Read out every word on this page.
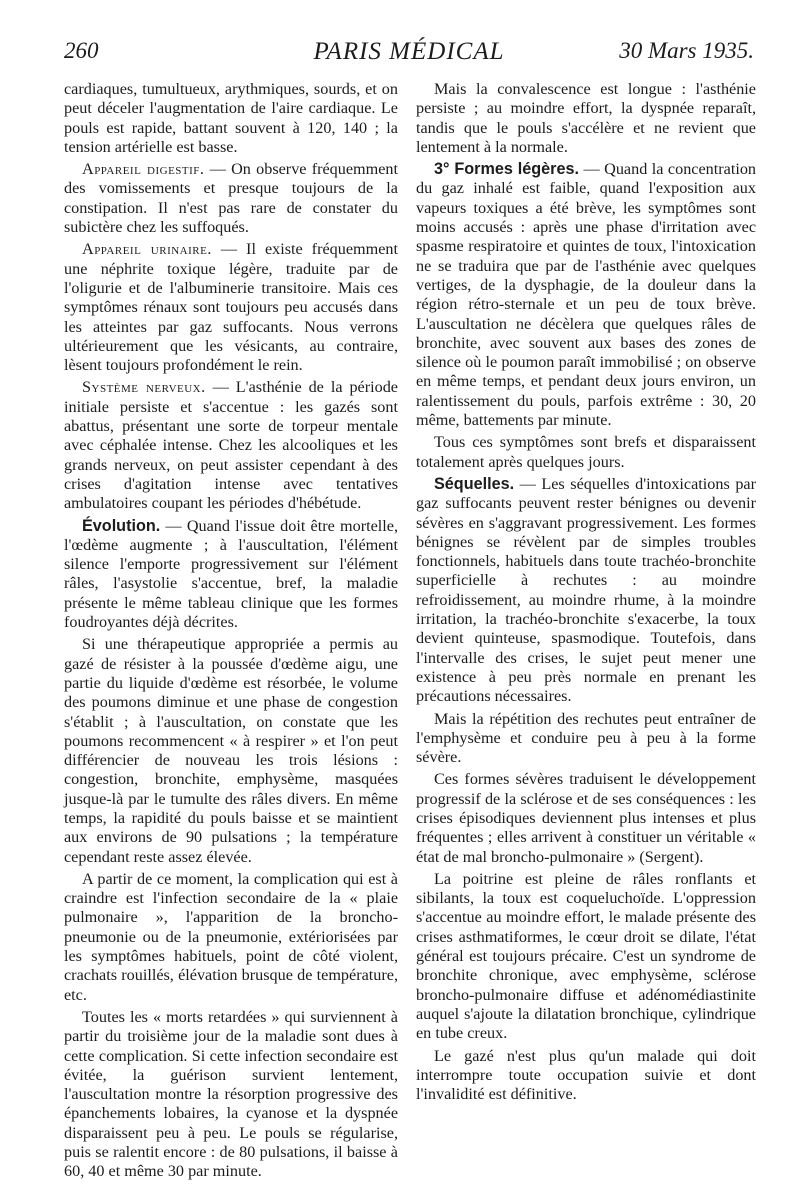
260	PARIS MÉDICAL	30 Mars 1935.

cardiaques, tumultueux, arythmiques, sourds, et on peut déceler l'augmentation de l'aire cardiaque. Le pouls est rapide, battant souvent à 120, 140 ; la tension artérielle est basse.

Appareil digestif. — On observe fréquemment des vomissements et presque toujours de la constipation. Il n'est pas rare de constater du subictère chez les suffoqués.

Appareil urinaire. — Il existe fréquemment une néphrite toxique légère, traduite par de l'oligurie et de l'albuminerie transitoire. Mais ces symptômes rénaux sont toujours peu accusés dans les atteintes par gaz suffocants. Nous verrons ultérieurement que les vésicants, au contraire, lèsent toujours profondément le rein.

Système nerveux. — L'asthénie de la période initiale persiste et s'accentue : les gazés sont abattus, présentant une sorte de torpeur mentale avec céphalée intense. Chez les alcooliques et les grands nerveux, on peut assister cependant à des crises d'agitation intense avec tentatives ambulatoires coupant les périodes d'hébétude.

Évolution. — Quand l'issue doit être mortelle, l'œdème augmente ; à l'auscultation, l'élément silence l'emporte progressivement sur l'élément râles, l'asystolie s'accentue, bref, la maladie présente le même tableau clinique que les formes foudroyantes déjà décrites.

Si une thérapeutique appropriée a permis au gazé de résister à la poussée d'œdème aigu, une partie du liquide d'œdème est résorbée, le volume des poumons diminue et une phase de congestion s'établit ; à l'auscultation, on constate que les poumons recommencent « à respirer » et l'on peut différencier de nouveau les trois lésions : congestion, bronchite, emphysème, masquées jusque-là par le tumulte des râles divers. En même temps, la rapidité du pouls baisse et se maintient aux environs de 90 pulsations ; la température cependant reste assez élevée.

A partir de ce moment, la complication qui est à craindre est l'infection secondaire de la « plaie pulmonaire », l'apparition de la broncho-pneumonie ou de la pneumonie, extériorisées par les symptômes habituels, point de côté violent, crachats rouillés, élévation brusque de température, etc.

Toutes les « morts retardées » qui surviennent à partir du troisième jour de la maladie sont dues à cette complication. Si cette infection secondaire est évitée, la guérison survient lentement, l'auscultation montre la résorption progressive des épanchements lobaires, la cyanose et la dyspnée disparaissent peu à peu. Le pouls se régularise, puis se ralentit encore : de 80 pulsations, il baisse à 60, 40 et même 30 par minute.

Mais la convalescence est longue : l'asthénie persiste ; au moindre effort, la dyspnée reparaît, tandis que le pouls s'accélère et ne revient que lentement à la normale.

3° Formes légères. — Quand la concentration du gaz inhalé est faible, quand l'exposition aux vapeurs toxiques a été brève, les symptômes sont moins accusés : après une phase d'irritation avec spasme respiratoire et quintes de toux, l'intoxication ne se traduira que par de l'asthénie avec quelques vertiges, de la dysphagie, de la douleur dans la région rétro-sternale et un peu de toux brève. L'auscultation ne décèlera que quelques râles de bronchite, avec souvent aux bases des zones de silence où le poumon paraît immobilisé ; on observe en même temps, et pendant deux jours environ, un ralentissement du pouls, parfois extrême : 30, 20 même, battements par minute.

Tous ces symptômes sont brefs et disparaissent totalement après quelques jours.

Séquelles. — Les séquelles d'intoxications par gaz suffocants peuvent rester bénignes ou devenir sévères en s'aggravant progressivement. Les formes bénignes se révèlent par de simples troubles fonctionnels, habituels dans toute trachéo-bronchite superficielle à rechutes : au moindre refroidissement, au moindre rhume, à la moindre irritation, la trachéo-bronchite s'exacerbe, la toux devient quinteuse, spasmodique. Toutefois, dans l'intervalle des crises, le sujet peut mener une existence à peu près normale en prenant les précautions nécessaires.

Mais la répétition des rechutes peut entraîner de l'emphysème et conduire peu à peu à la forme sévère.

Ces formes sévères traduisent le développement progressif de la sclérose et de ses conséquences : les crises épisodiques deviennent plus intenses et plus fréquentes ; elles arrivent à constituer un véritable « état de mal broncho-pulmonaire » (Sergent).

La poitrine est pleine de râles ronflants et sibilants, la toux est coqueluchoïde. L'oppression s'accentue au moindre effort, le malade présente des crises asthmatiformes, le cœur droit se dilate, l'état général est toujours précaire. C'est un syndrome de bronchite chronique, avec emphysème, sclérose broncho-pulmonaire diffuse et adénomédiastinite auquel s'ajoute la dilatation bronchique, cylindrique en tube creux.

Le gazé n'est plus qu'un malade qui doit interrompre toute occupation suivie et dont l'invalidité est définitive.
